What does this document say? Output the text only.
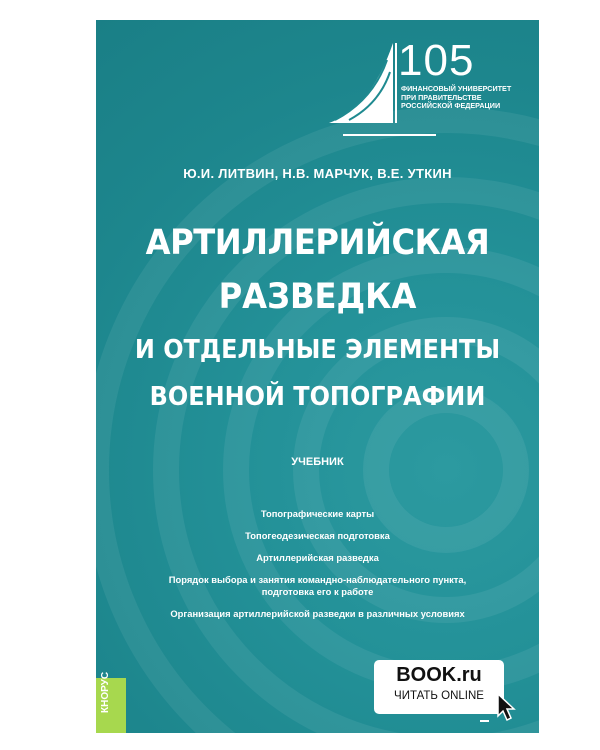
105
ФИНАНСОВЫЙ УНИВЕРСИТЕТ
ПРИ ПРАВИТЕЛЬСТВЕ
РОССИЙСКОЙ ФЕДЕРАЦИИ
Ю.И. ЛИТВИН, Н.В. МАРЧУК, В.Е. УТКИН
АРТИЛЛЕРИЙСКАЯ
РАЗВЕДКА
И ОТДЕЛЬНЫЕ ЭЛЕМЕНТЫ
ВОЕННОЙ ТОПОГРАФИИ
УЧЕБНИК
Топографические карты
Топогеодезическая подготовка
Артиллерийская разведка
Порядок выбора и занятия командно-наблюдательного пункта,
подготовка его к работе
Организация артиллерийской разведки в различных условиях
КНОРУС	BOOK.ru
ЧИТАТЬ ONLINE
